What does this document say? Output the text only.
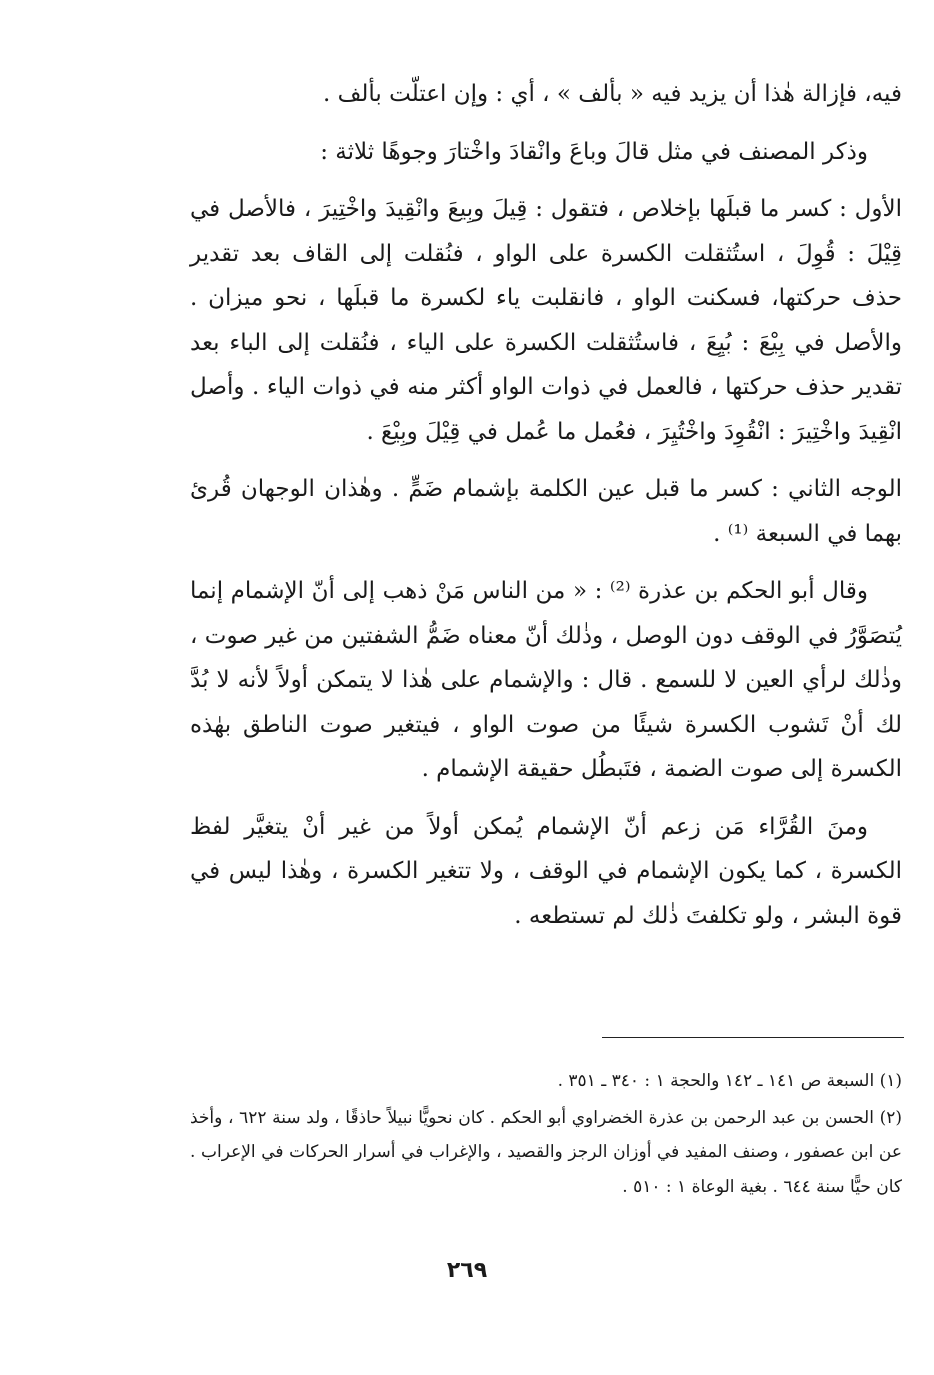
فيه، فإزالة هٰذا أن يزيد فيه « بألف » ، أي : وإن اعتلّت بألف .

وذكر المصنف في مثل قالَ وباعَ وانْقادَ واخْتارَ وجوهًا ثلاثة :

الأول : كسر ما قبلَها بإخلاص ، فتقول : قِيلَ وبِيعَ وانْقِيدَ واخْتِيرَ ، فالأصل في قِيْلَ : قُوِلَ ، استُثقلت الكسرة على الواو ، فنُقلت إلى القاف بعد تقدير حذف حركتها، فسكنت الواو ، فانقلبت ياء لكسرة ما قبلَها ، نحو ميزان . والأصل في بِيْعَ : بُيِعَ ، فاستُثقلت الكسرة على الياء ، فنُقلت إلى الباء بعد تقدير حذف حركتها ، فالعمل في ذوات الواو أكثر منه في ذوات الياء . وأصل انْقِيدَ واخْتِيرَ : انْقُوِدَ واخْتُيِرَ ، فعُمل ما عُمل في قِيْلَ وبِيْعَ .

الوجه الثاني : كسر ما قبل عين الكلمة بإشمام ضَمٍّ . وهٰذان الوجهان قُرئ بهما في السبعة ⁽¹⁾ .

وقال أبو الحكم بن عذرة ⁽²⁾ : « من الناس مَنْ ذهب إلى أنّ الإشمام إنما يُتصَوَّرُ في الوقف دون الوصل ، وذٰلك أنّ معناه ضَمُّ الشفتين من غير صوت ، وذٰلك لرأي العين لا للسمع . قال : والإشمام على هٰذا لا يتمكن أولاً لأنه لا بُدَّ لك أنْ تَشوب الكسرة شيئًا من صوت الواو ، فيتغير صوت الناطق بهٰذه الكسرة إلى صوت الضمة ، فتَبطُل حقيقة الإشمام .

ومنَ القُرَّاء مَن زعم أنّ الإشمام يُمكن أولاً من غير أنْ يتغيَّر لفظ الكسرة ، كما يكون الإشمام في الوقف ، ولا تتغير الكسرة ، وهٰذا ليس في قوة البشر ، ولو تكلفتَ ذٰلك لم تستطعه .

(١) السبعة ص ١٤١ ـ ١٤٢ والحجة ١ : ٣٤٠ ـ ٣٥١ .

(٢) الحسن بن عبد الرحمن بن عذرة الخضراوي أبو الحكم . كان نحويًّا نبيلاً حاذقًا ، ولد سنة ٦٢٢ ، وأخذ عن ابن عصفور ، وصنف المفيد في أوزان الرجز والقصيد ، والإغراب في أسرار الحركات في الإعراب . كان حيًّا سنة ٦٤٤ . بغية الوعاة ١ : ٥١٠ .

٢٦٩
